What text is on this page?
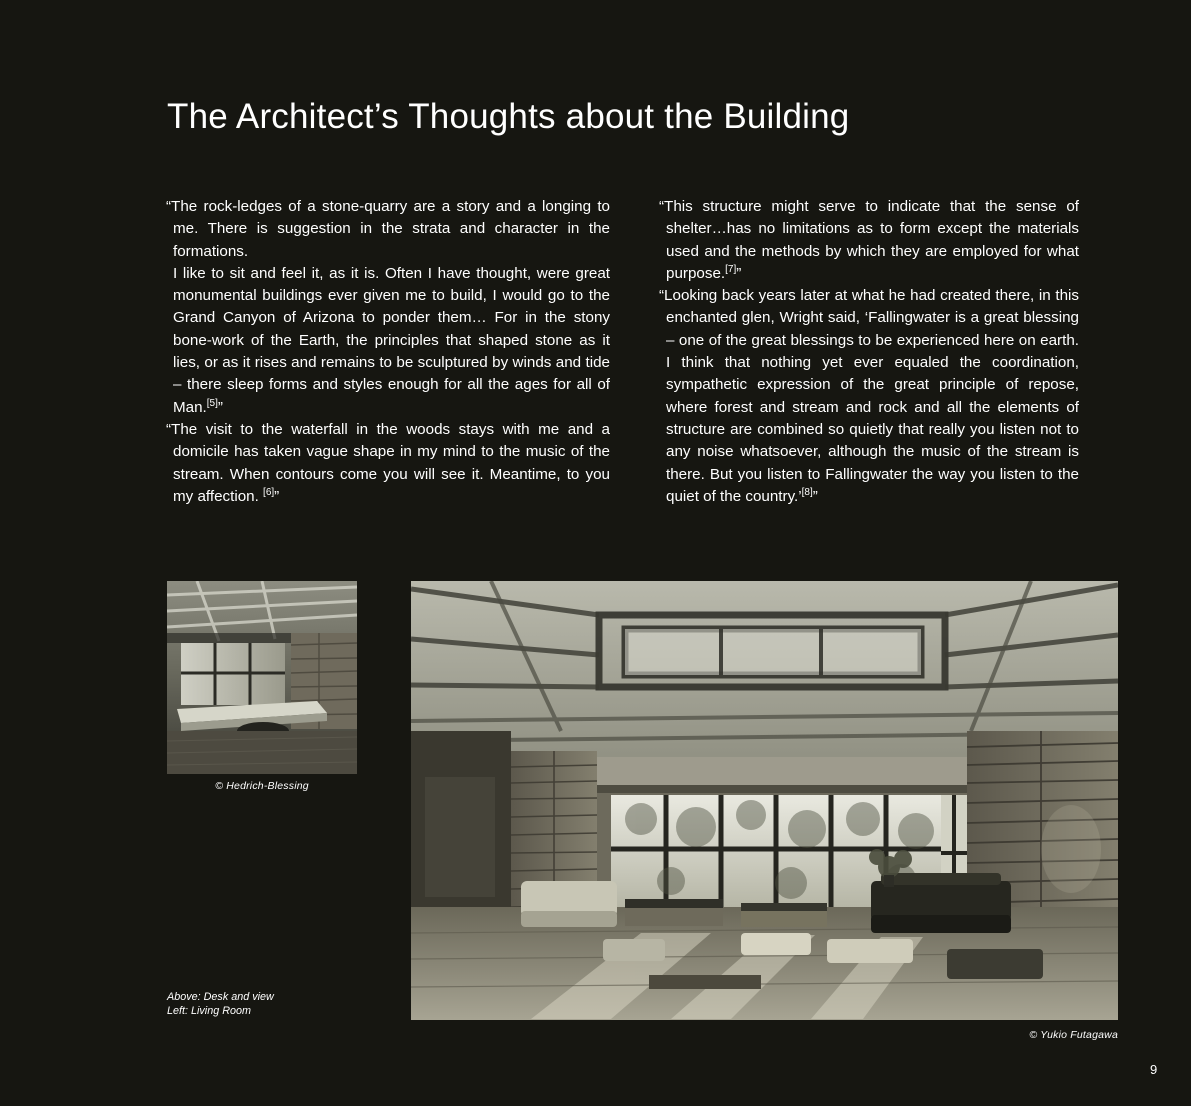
The Architect’s Thoughts about the Building

“The rock-ledges of a stone-quarry are a story and a longing to me. There is suggestion in the strata and character in the formations.

I like to sit and feel it, as it is. Often I have thought, were great monumental buildings ever given me to build, I would go to the Grand Canyon of Arizona to ponder them… For in the stony bone-work of the Earth, the principles that shaped stone as it lies, or as it rises and remains to be sculptured by winds and tide – there sleep forms and styles enough for all the ages for all of Man.[5]”

“The visit to the waterfall in the woods stays with me and a domicile has taken vague shape in my mind to the music of the stream. When contours come you will see it. Meantime, to you my affection. [6]”

“This structure might serve to indicate that the sense of shelter…has no limitations as to form except the materials used and the methods by which they are employed for what purpose.[7]”

“Looking back years later at what he had created there, in this enchanted glen, Wright said, ‘Fallingwater is a great blessing – one of the great blessings to be experienced here on earth. I think that nothing yet ever equaled the coordination, sympathetic expression of the great principle of repose, where forest and stream and rock and all the elements of structure are combined so quietly that really you listen not to any noise whatsoever, although the music of the stream is there. But you listen to Fallingwater the way you listen to the quiet of the country.’[8]”

© Hedrich-Blessing
© Yukio Futagawa
Above: Desk and view
Left: Living Room
9
